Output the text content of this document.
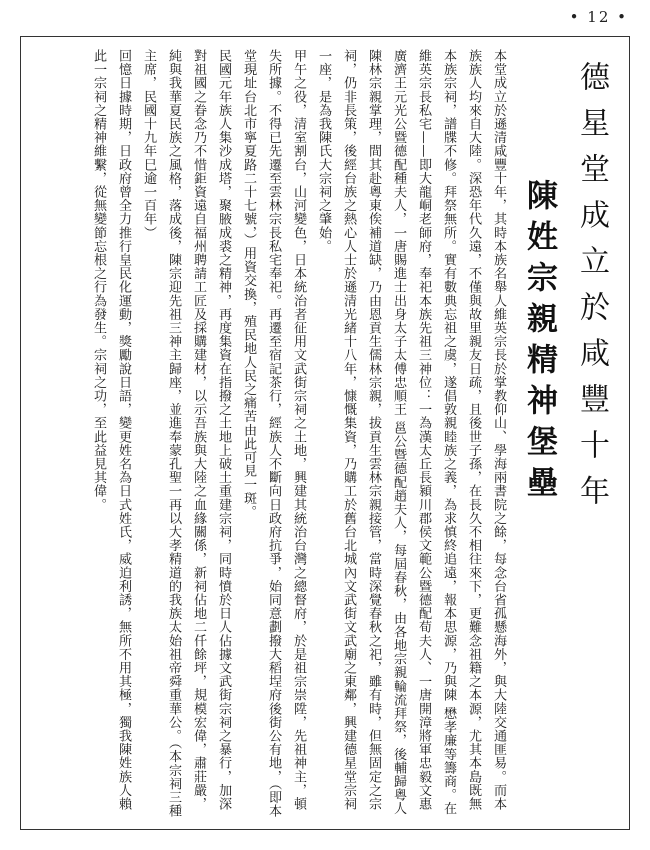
• 12 •
德星堂成立於咸豐十年
陳姓宗親精神堡壘

本堂成立於遜清咸豐十年，其時本族名舉人維英宗長於掌教仰山、學海兩書院之餘，每念台省孤懸海外，與大陸交通匪易。而本族族人均來自大陸。深恐年代久遠，不僅與故里親友日疏，且後世子孫，在長久不相往來下，更難念祖籍之本源，尤其本島既無本族宗祠，譜牒不修。拜祭無所。實有數典忘祖之虞，遂倡敦親睦族之義，為求慎終追遠，報本思源，乃與陳 懋孝廉等籌商。在維英宗長私宅——即大龍峒老師府，奉祀本族先祖三神位：一為漢太丘長潁川郡侯文範公暨德配荀夫人、一唐開漳將軍忠毅文惠廣濟王元光公暨德配種夫人，一唐賜進士出身太子太傅忠順王 邕公暨德配趙夫人，每屆春秋，由各地宗親輪流拜祭，後輔歸粵人陳林宗親掌理，間其赴粵東俟補道缺，乃由恩貢生儒林宗親，拔貢生雲林宗親接管，當時深覺春秋之祀，雖有時，但無固定之宗祠，仍非長策，後經台族之熱心人士於遜清光緒十八年，慷慨集資，乃購工於舊台北城內文武街文武廟之東鄰，興建德星堂宗祠一座，是為我陳氏大宗祠之肇始。

甲午之役，清室割台，山河變色，日本統治者征用文武街宗祠之土地，興建其統治台灣之總督府，於是祖宗崇陞，先祖神主，頓失所據。不得已先遷至雲林宗長私宅奉祀。再遷至宿記茶行，經族人不斷向日政府抗爭，始同意劃撥大稻埕府後街公有地，（即本堂現址台北市寧夏路二十七號，）用資交換，殖民地人民之痛苦由此可見一斑。

民國元年族人集沙成塔，聚腋成裘之精神，再度集資在指撥之土地上破土重建宗祠，同時憤於日人佔據文武街宗祠之暴行，加深對祖國之眷念乃不惜鉅資遠自福州聘請工匠及採購建材，以示吾族與大陸之血緣關係，新祠佔地二仟餘坪，規模宏偉，肅莊嚴，純與我華夏民族之風格，落成後，陳宗迎先祖三神主歸座，並進奉蒙孔聖一再以大孝精道的我族太始祖帝舜重華公。（本宗祠三種主席，民國十九年巳逾一百年）

回憶日據時期，日政府曾全力推行皇民化運動，獎勵說日語，變更姓名為日式姓氏，威迫利誘，無所不用其極，獨我陳姓族人賴此一宗祠之精神維繫，從無變節忘根之行為發生。宗祠之功，至此益見其偉。
